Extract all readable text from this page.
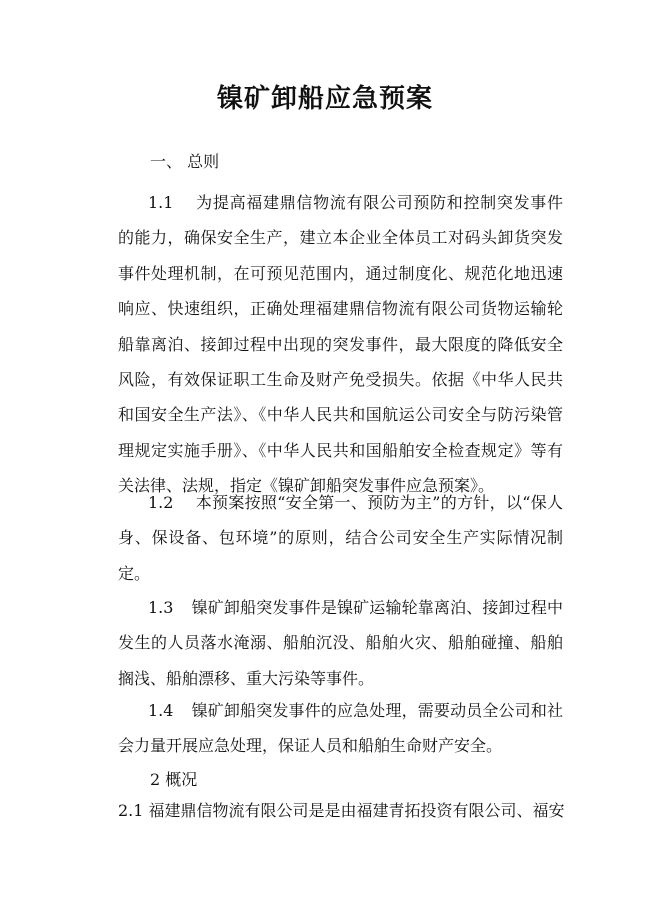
镍矿卸船应急预案

一、 总则

1.1 为提高福建鼎信物流有限公司预防和控制突发事件的能力，确保安全生产，建立本企业全体员工对码头卸货突发事件处理机制，在可预见范围内，通过制度化、规范化地迅速响应、快速组织，正确处理福建鼎信物流有限公司货物运输轮船靠离泊、接卸过程中出现的突发事件，最大限度的降低安全风险，有效保证职工生命及财产免受损失。依据《中华人民共和国安全生产法》、《中华人民共和国航运公司安全与防污染管理规定实施手册》、《中华人民共和国船舶安全检查规定》等有关法律、法规，指定《镍矿卸船突发事件应急预案》。

1.2 本预案按照“安全第一、预防为主”的方针，以“保人身、保设备、包环境”的原则，结合公司安全生产实际情况制定。

1.3 镍矿卸船突发事件是镍矿运输轮靠离泊、接卸过程中发生的人员落水淹溺、船舶沉没、船舶火灾、船舶碰撞、船舶搁浅、船舶漂移、重大污染等事件。

1.4 镍矿卸船突发事件的应急处理，需要动员全公司和社会力量开展应急处理，保证人员和船舶生命财产安全。

2 概况

2.1 福建鼎信物流有限公司是是由福建青拓投资有限公司、福安
